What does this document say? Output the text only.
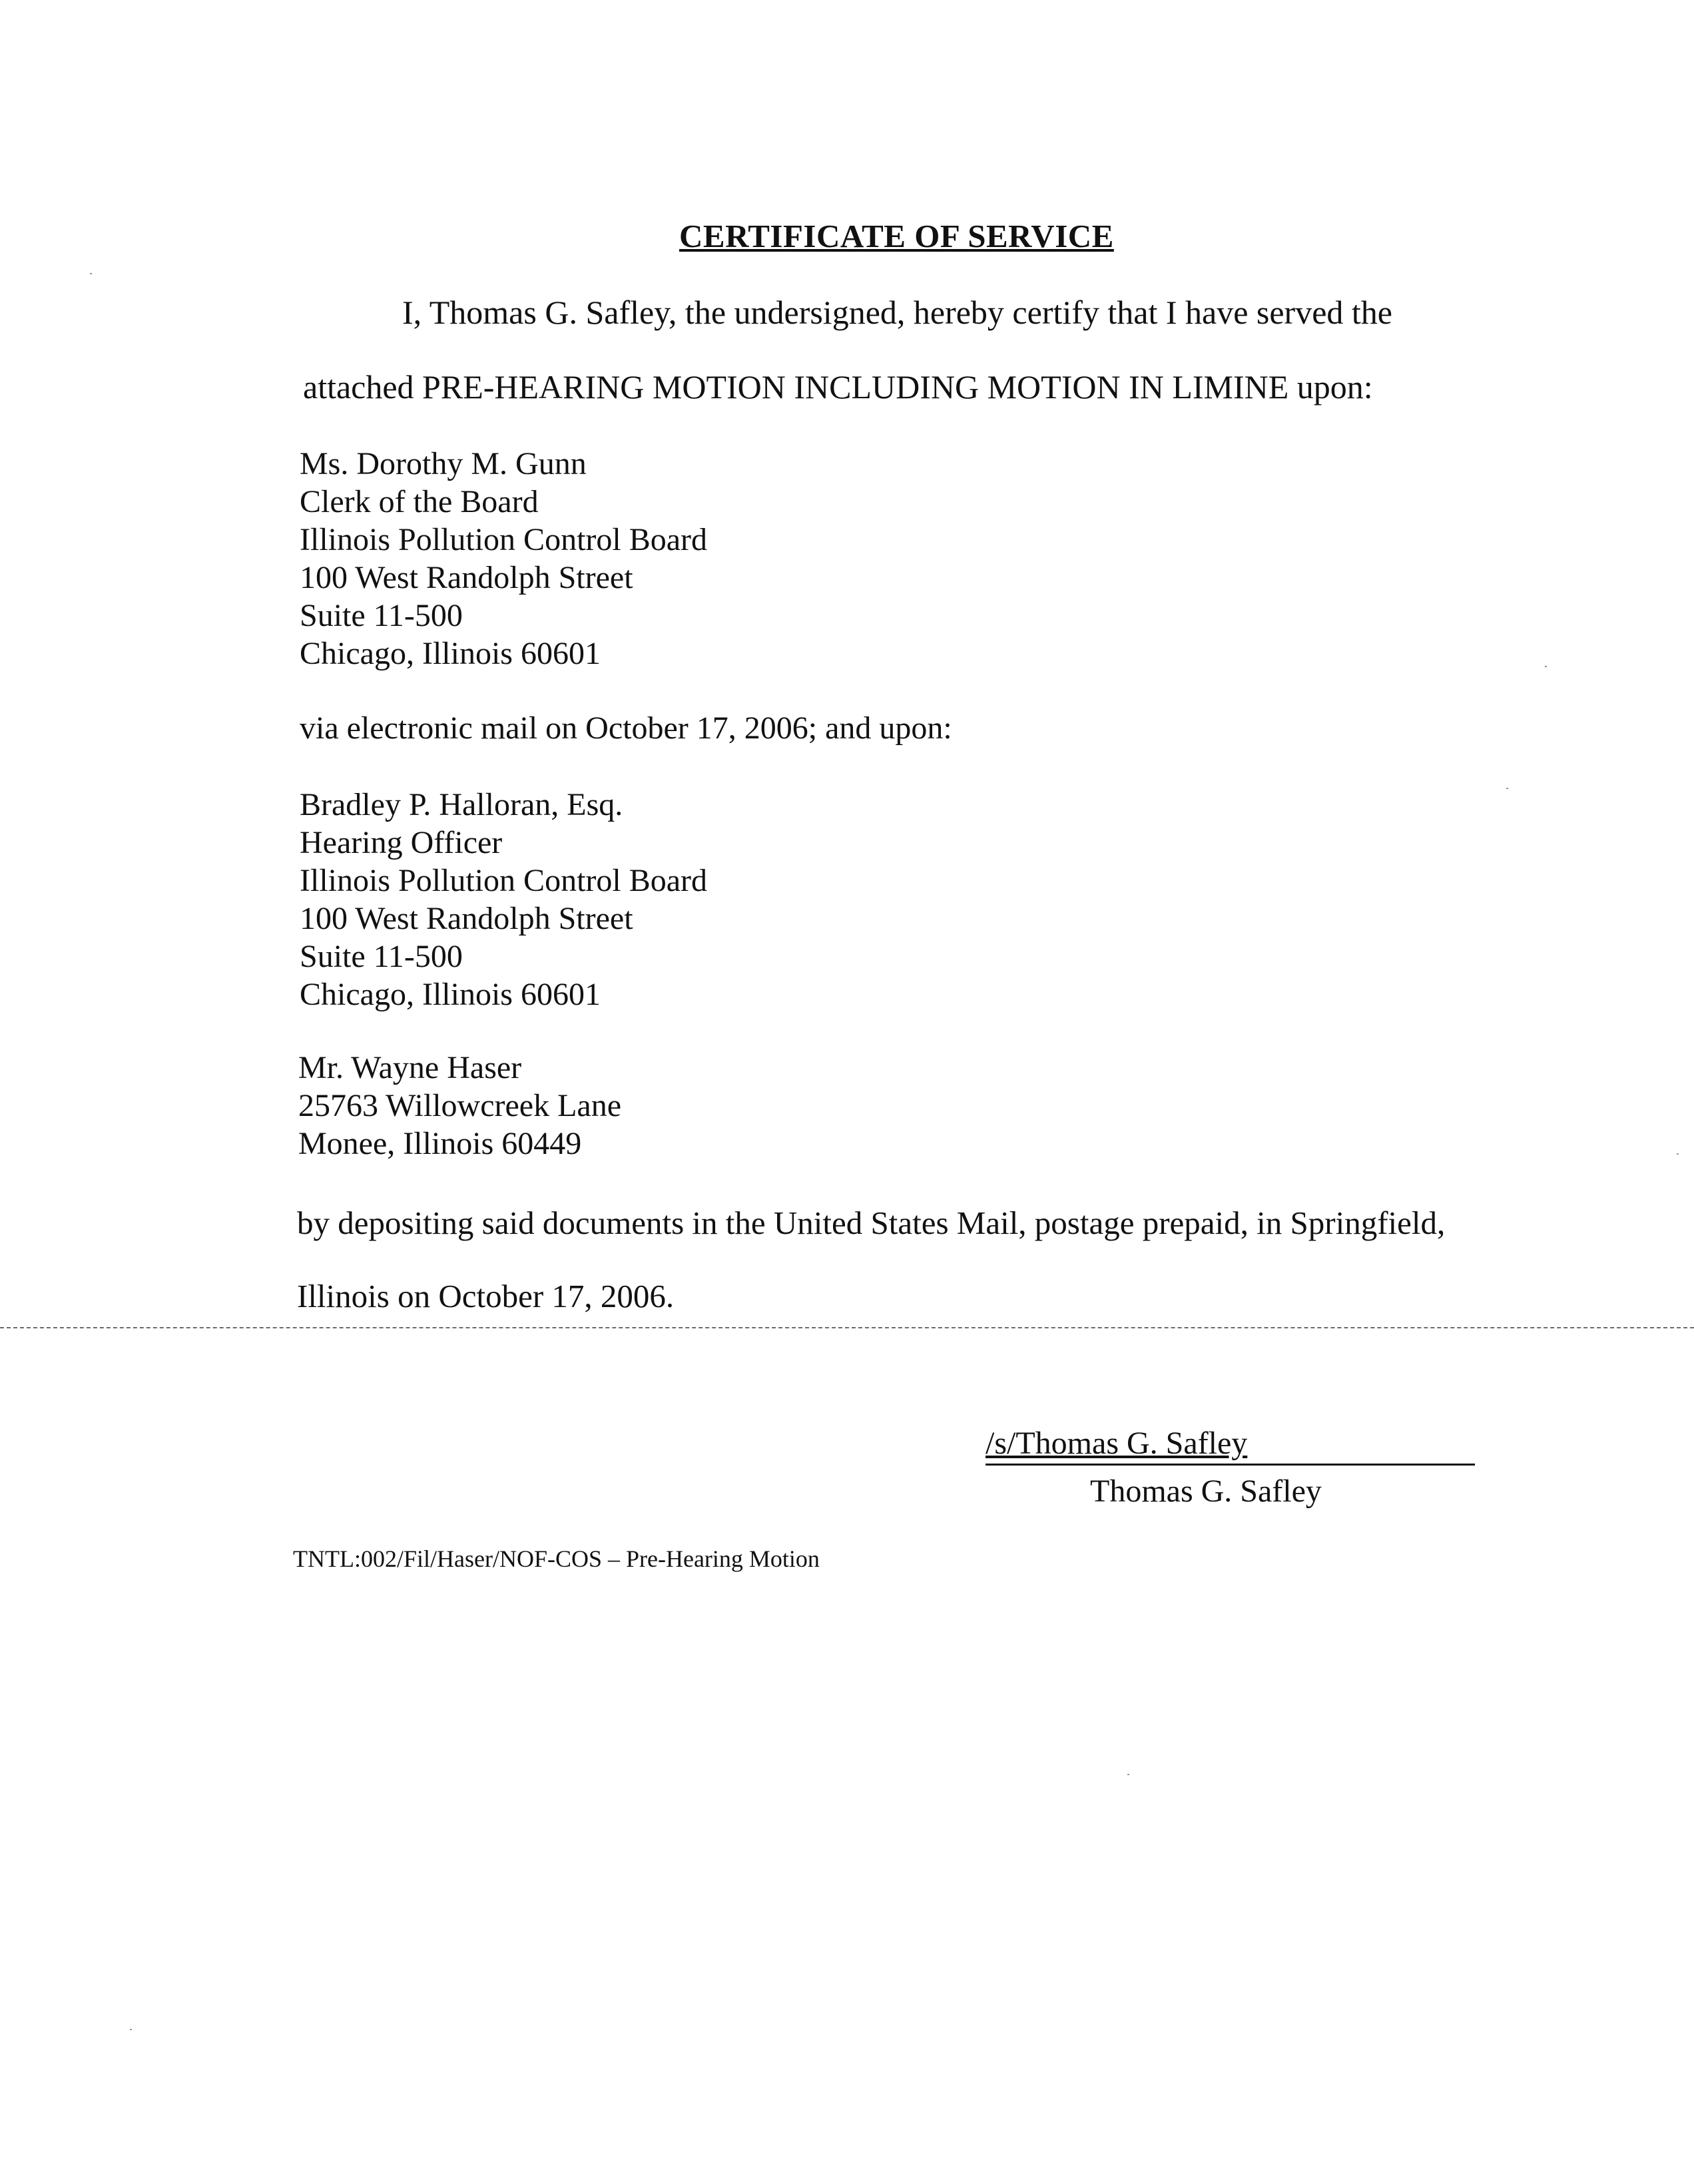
CERTIFICATE OF SERVICE
I, Thomas G. Safley, the undersigned, hereby certify that I have served the
attached PRE-HEARING MOTION INCLUDING MOTION IN LIMINE upon:
Ms. Dorothy M. Gunn
Clerk of the Board
Illinois Pollution Control Board
100 West Randolph Street
Suite 11-500
Chicago, Illinois 60601
via electronic mail on October 17, 2006; and upon:
Bradley P. Halloran, Esq.
Hearing Officer
Illinois Pollution Control Board
100 West Randolph Street
Suite 11-500
Chicago, Illinois 60601
Mr. Wayne Haser
25763 Willowcreek Lane
Monee, Illinois 60449
by depositing said documents in the United States Mail, postage prepaid, in Springfield,
Illinois on October 17, 2006.
/s/Thomas G. Safley
Thomas G. Safley
TNTL:002/Fil/Haser/NOF-COS – Pre-Hearing Motion
